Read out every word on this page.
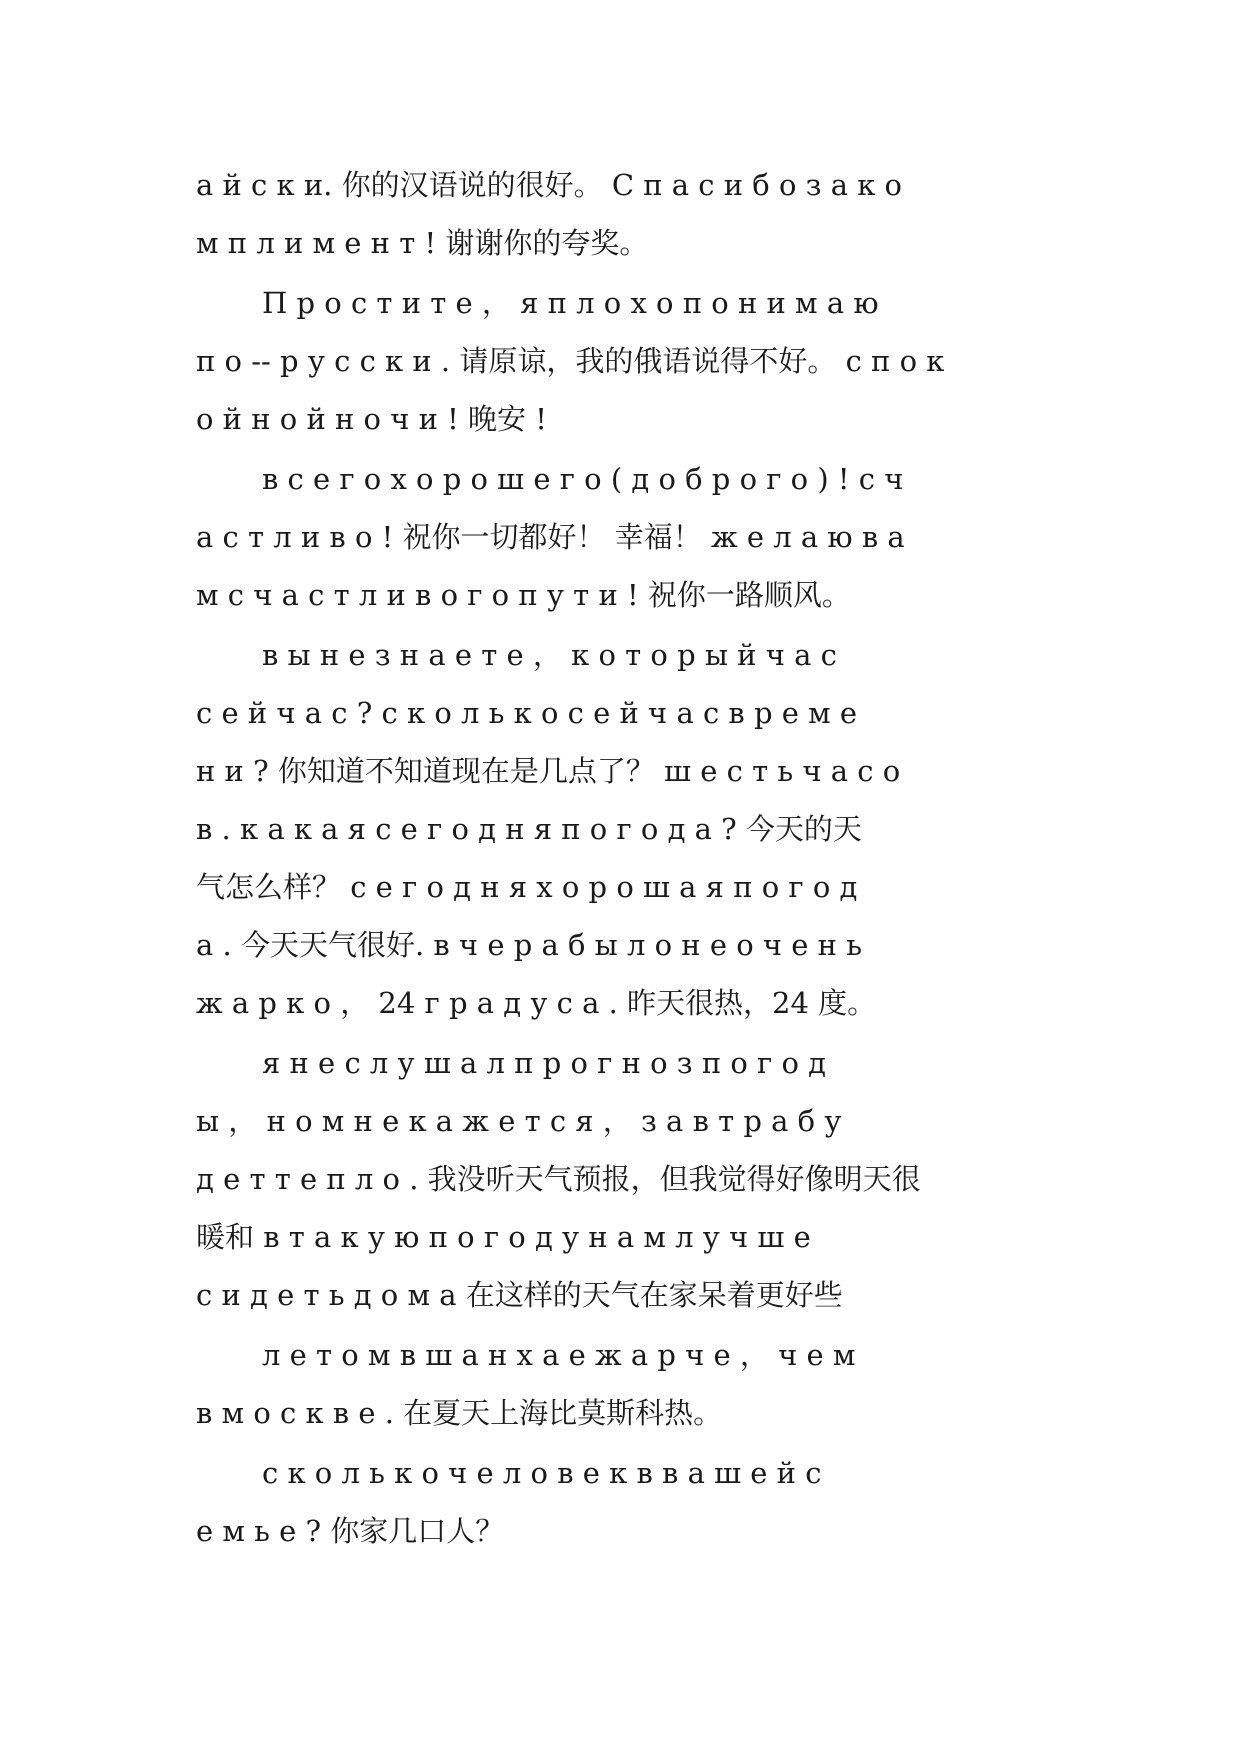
а й с к и. 你的汉语说的很好。 С п а с и б о з а к о
м п л и м е н т ! 谢谢你的夸奖。
П р о с т и т е ， я п л о х о п о н и м а ю
п о -- р у с с к и . 请原谅，我的俄语说得不好。 с п о к
о й н о й н о ч и ! 晚安 !
в с е г о х о р о ш е г о ( д о б р о г о ) ! с ч
а с т л и в о ! 祝你一切都好！ 幸福！ ж е л а ю в а
м с ч а с т л и в о г о п у т и ! 祝你一路顺风。
в ы н е з н а е т е ， к о т о р ы й ч а с
с е й ч а с ? с к о л ь к о с е й ч а с в р е м е
н и ? 你知道不知道现在是几点了？ ш е с т ь ч а с о
в . к а к а я с е г о д н я п о г о д а ? 今天的天
气怎么样？ с е г о д н я х о р о ш а я п о г о д
а . 今天天气很好. в ч е р а б ы л о н е о ч е н ь
ж а р к о ， 24 г р а д у с а . 昨天很热，24 度。
я н е с л у ш а л п р о г н о з п о г о д
ы ， н о м н е к а ж е т с я ， з а в т р а б у
д е т т е п л о . 我没听天气预报，但我觉得好像明天很
暖和 в т а к у ю п о г о д у н а м л у ч ш е
с и д е т ь д о м а 在这样的天气在家呆着更好些
л е т о м в ш а н х а е ж а р ч е ， ч е м
в м о с к в е . 在夏天上海比莫斯科热。
с к о л ь к о ч е л о в е к в в а ш е й с
е м ь е ? 你家几口人？
